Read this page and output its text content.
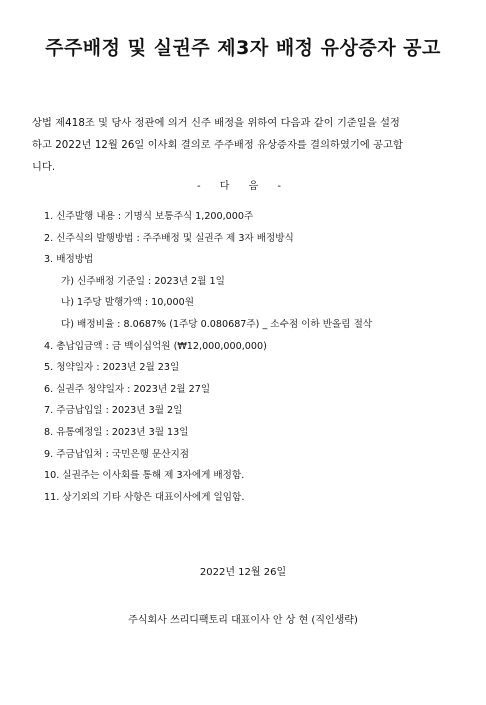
주주배정 및 실권주 제3자 배정 유상증자 공고
상법 제418조 및 당사 정관에 의거 신주 배정을 위하여 다음과 같이 기준일을 설정
하고 2022년 12월 26일 이사회 결의로 주주배정 유상증자를 결의하였기에 공고합
니다.
- 다 음 -
1. 신주발행 내용 : 기명식 보통주식 1,200,000주
2. 신주식의 발행방법 : 주주배정 및 실권주 제 3자 배정방식
3. 배정방법
가) 신주배정 기준일 : 2023년 2월 1일
나) 1주당 발행가액 : 10,000원
다) 배정비율 : 8.0687% (1주당 0.080687주) _ 소수점 이하 반올림 절삭
4. 총납입금액 : 금 백이십억원 (₩12,000,000,000)
5. 청약일자 : 2023년 2월 23일
6. 실권주 청약일자 : 2023년 2월 27일
7. 주금납입일 : 2023년 3월 2일
8. 유통예정일 : 2023년 3월 13일
9. 주금납입처 : 국민은행 문산지점
10. 실권주는 이사회를 통해 제 3자에게 배정함.
11. 상기외의 기타 사항은 대표이사에게 일임함.
2022년 12월 26일
주식회사 쓰리디팩토리 대표이사 안 상 현 (직인생략)
